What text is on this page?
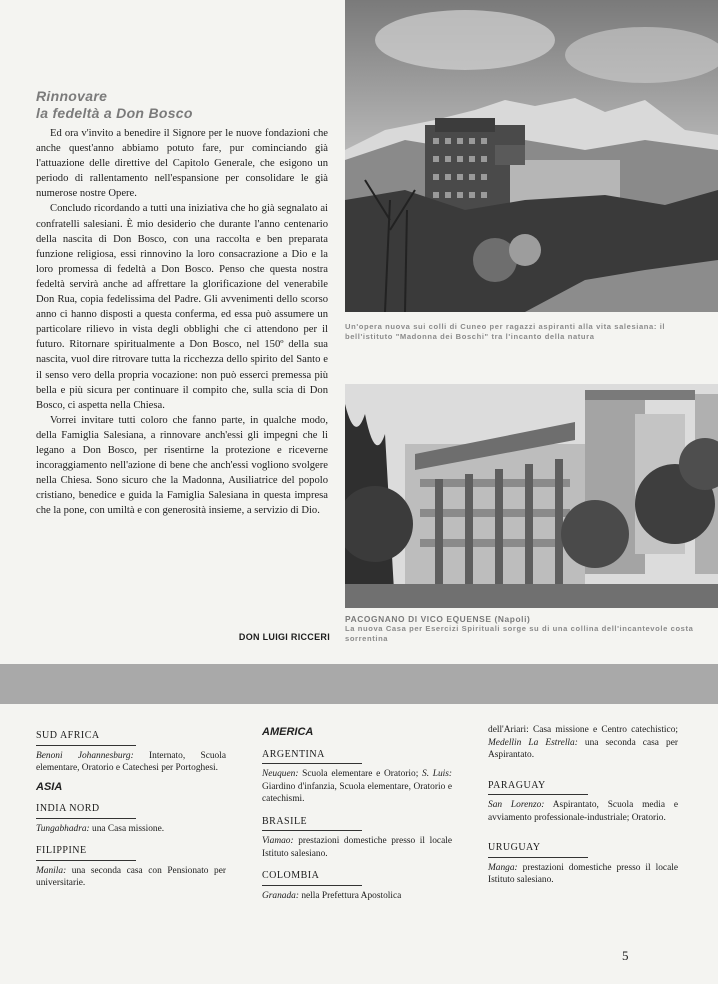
Rinnovare
la fedeltà a Don Bosco

Ed ora v'invito a benedire il Signore per le nuove fondazioni che anche quest'anno abbiamo potuto fare, pur cominciando già l'attuazione delle direttive del Capitolo Generale, che esigono un periodo di rallentamento nell'espansione per consolidare le già numerose nostre Opere.

Concludo ricordando a tutti una iniziativa che ho già segnalato ai confratelli salesiani. È mio desiderio che durante l'anno centenario della nascita di Don Bosco, con una raccolta e ben preparata funzione religiosa, essi rinnovino la loro consacrazione a Dio e la loro promessa di fedeltà a Don Bosco. Penso che questa nostra fedeltà servirà anche ad affrettare la glorificazione del venerabile Don Rua, copia fedelissima del Padre. Gli avvenimenti dello scorso anno ci hanno disposti a questa conferma, ed essa può assumere un particolare rilievo in vista degli obblighi che ci attendono per il futuro. Ritornare spiritualmente a Don Bosco, nel 150º della sua nascita, vuol dire ritrovare tutta la ricchezza dello spirito del Santo e il senso vero della propria vocazione: non può esserci premessa più bella e più sicura per continuare il compito che, sulla scia di Don Bosco, ci aspetta nella Chiesa.

Vorrei invitare tutti coloro che fanno parte, in qualche modo, della Famiglia Salesiana, a rinnovare anch'essi gli impegni che li legano a Don Bosco, per risentirne la protezione e riceverne incoraggiamento nell'azione di bene che anch'essi vogliono svolgere nella Chiesa. Sono sicuro che la Madonna, Ausiliatrice del popolo cristiano, benedice e guida la Famiglia Salesiana in questa impresa che la pone, con umiltà e con generosità insieme, a servizio di Dio.

DON LUIGI RICCERI
Un'opera nuova sui colli di Cuneo per ragazzi aspiranti alla vita salesiana: il bell'istituto "Madonna dei Boschi" tra l'incanto della natura
PACOGNANO DI VICO EQUENSE (Napoli)
La nuova Casa per Esercizi Spirituali sorge su di una collina dell'incantevole costa sorrentina
SUD AFRICA
Benoni Johannesburg: Internato, Scuola elementare, Oratorio e Catechesi per Portoghesi.
ASIA
INDIA NORD
Tungabhadra: una Casa missione.
FILIPPINE
Manila: una seconda casa con Pensionato per universitarie.
AMERICA
ARGENTINA
Neuquen: Scuola elementare e Oratorio; S. Luis: Giardino d'infanzia, Scuola elementare, Oratorio e catechismi.
BRASILE
Viamao: prestazioni domestiche presso il locale Istituto salesiano.
COLOMBIA
Granada: nella Prefettura Apostolica
dell'Ariari: Casa missione e Centro catechistico; Medellin La Estrella: una seconda casa per Aspirantato.
PARAGUAY
San Lorenzo: Aspirantato, Scuola media e avviamento professionale-industriale; Oratorio.
URUGUAY
Manga: prestazioni domestiche presso il locale Istituto salesiano.
5
